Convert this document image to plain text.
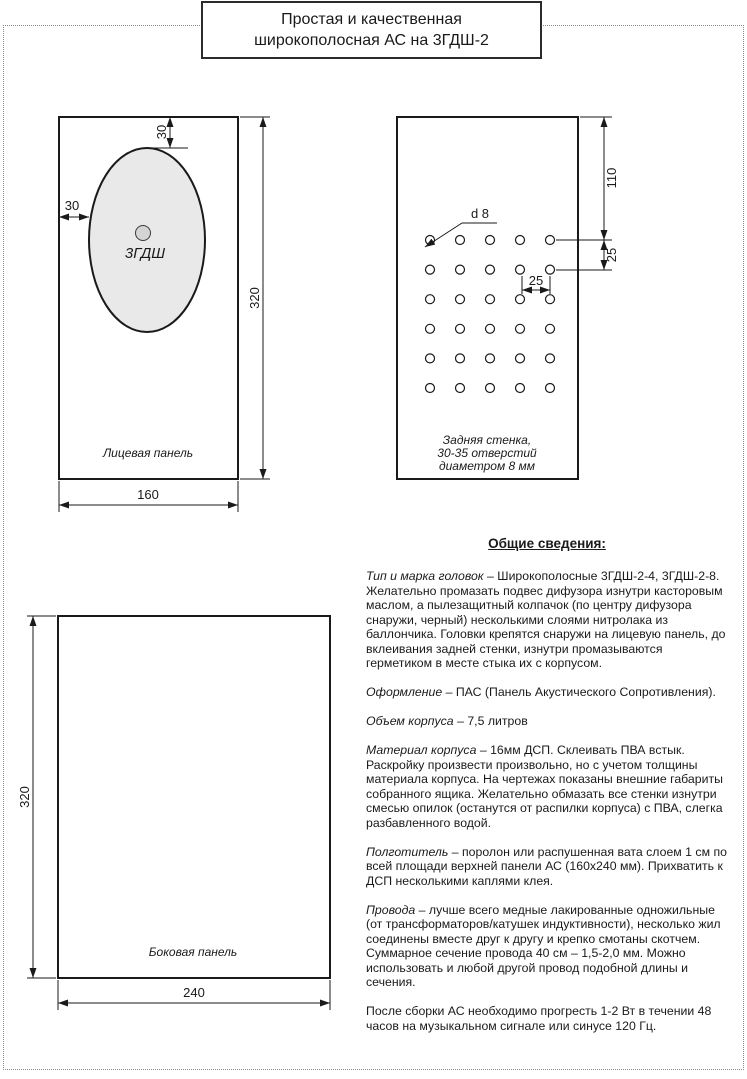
Простая и качественная
широкополосная АС на 3ГДШ-2
3ГДШ
30
30
320
160
Лицевая панель
d 8
110
25
25
Задняя стенка,
30-35 отверстий
диаметром 8 мм
320
240
Боковая панель
Общие сведения:

Тип и марка головок – Широкополосные 3ГДШ-2-4, 3ГДШ-2-8. Желательно промазать подвес дифузора изнутри касторовым маслом, а пылезащитный колпачок (по центру дифузора снаружи, черный) несколькими слоями нитролака из баллончика. Головки крепятся снаружи на лицевую панель, до вклеивания задней стенки, изнутри промазываются герметиком в месте стыка их с корпусом.

Оформление – ПАС (Панель Акустического Сопротивления).

Объем корпуса – 7,5 литров

Материал корпуса – 16мм ДСП. Склеивать ПВА встык. Раскройку произвести произвольно, но с учетом толщины материала корпуса. На чертежах показаны внешние габариты собранного ящика. Желательно обмазать все стенки изнутри смесью опилок (останутся от распилки корпуса) с ПВА, слегка разбавленного водой.

Полготитель – поролон или распушенная вата слоем 1 см по всей площади верхней панели АС (160х240 мм). Прихватить к ДСП несколькими каплями клея.

Провода – лучше всего медные лакированные одножильные (от трансформаторов/катушек индуктивности), несколько жил соединены вместе друг к другу и крепко смотаны скотчем. Суммарное сечение провода 40 см – 1,5-2,0 мм. Можно использовать и любой другой провод подобной длины и сечения.

После сборки АС необходимо прогресть 1-2 Вт в течении 48 часов на музыкальном сигнале или синусе 120 Гц.
